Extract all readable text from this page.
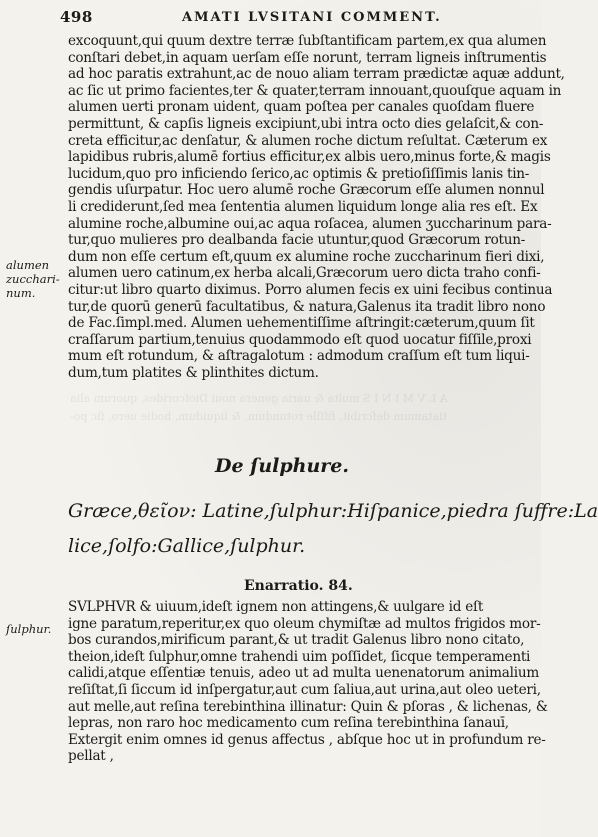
498	AMATI LVSITANI COMMENT.
A L V M I N I S multa & uaria genera noui Dioſcorides, quorum alia
tiatamum deſcribit, fiſſile rotundum, & liquidum, hodie uero, ſic po-
excoquunt,qui quum dextre terræ ſubſtantificam partem,ex qua alumen
conſtari debet,in aquam uerſam eſſe norunt, terram ligneis inſtrumentis
ad hoc paratis extrahunt,ac de nouo aliam terram prædictæ aquæ addunt,
ac ſic ut primo facientes,ter & quater,terram innouant,quouſque aquam in
alumen uerti pronam uident, quam poſtea per canales quoſdam fluere
permittunt, & capſis ligneis excipiunt,ubi intra octo dies gelaſcit,& con-
creta efficitur,ac denſatur, & alumen roche dictum reſultat. Cæterum ex
lapidibus rubris,alumē fortius efficitur,ex albis uero,minus forte,& magis
lucidum,quo pro inficiendo ſerico,ac optimis & pretioſiſſimis lanis tin-
gendis uſurpatur. Hoc uero alumē roche Græcorum eſſe alumen nonnul
li crediderunt,ſed mea ſententia alumen liquidum longe alia res eſt. Ex
alumine roche,albumine oui,ac aqua roſacea, alumen ʒuccharinum para-
tur,quo mulieres pro dealbanda facie utuntur,quod Græcorum rotun-
dum non eſſe certum eſt,quum ex alumine roche zuccharinum fieri dixi,
alumen uero catinum,ex herba alcali,Græcorum uero dicta traho confi-
citur:ut libro quarto diximus. Porro alumen fecis ex uini fecibus continua
tur,de quorū generū facultatibus, & natura,Galenus ita tradit libro nono
de Fac.ſimpl.med. Alumen uehementiſſime aſtringit:cæterum,quum ſit
craſſarum partium,tenuius quodammodo eſt quod uocatur fiſſile,proxi
mum eſt rotundum, & aſtragalotum : admodum craſſum eſt tum liqui-
dum,tum platites & plinthites dictum.
alumen
zucchari-
num.
De ſulphure.
Græce,θεῖον: Latine,ſulphur:Hiſpanice,piedra ſuffre:La
lice,ſolfo:Gallice,ſulphur.
Enarratio. 84.
SVLPHVR & uiuum,ideſt ignem non attingens,& uulgare id eſt
igne paratum,reperitur,ex quo oleum chymiſtæ ad multos frigidos mor-
bos curandos,mirificum parant,& ut tradit Galenus libro nono citato,
theion,ideſt ſulphur,omne trahendi uim poſſidet, ſicque temperamenti
calidi,atque eſſentiæ tenuis, adeo ut ad multa uenenatorum animalium
reſiſtat,ſi ſiccum id inſpergatur,aut cum ſaliua,aut urina,aut oleo ueteri,
aut melle,aut reſina terebinthina illinatur: Quin & pſoras , & lichenas, &
lepras, non raro hoc medicamento cum reſina terebinthina ſanauī,
Extergit enim omnes id genus affectus , abſque hoc ut in profundum re-
pellat ,
ſulphur.
